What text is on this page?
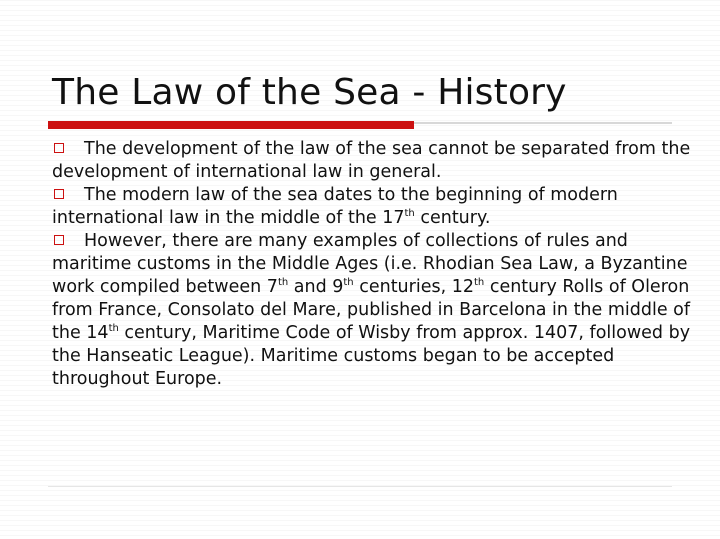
The Law of the Sea - History

The development of the law of the sea cannot be separated from the development of international law in general.

The modern law of the sea dates to the beginning of modern international law in the middle of the 17th century.

However, there are many examples of collections of rules and maritime customs in the Middle Ages (i.e. Rhodian Sea Law, a Byzantine work compiled between 7th and 9th centuries, 12th century Rolls of Oleron from France, Consolato del Mare, published in Barcelona in the middle of the 14th century, Maritime Code of Wisby from approx. 1407, followed by the Hanseatic League). Maritime customs began to be accepted throughout Europe.
